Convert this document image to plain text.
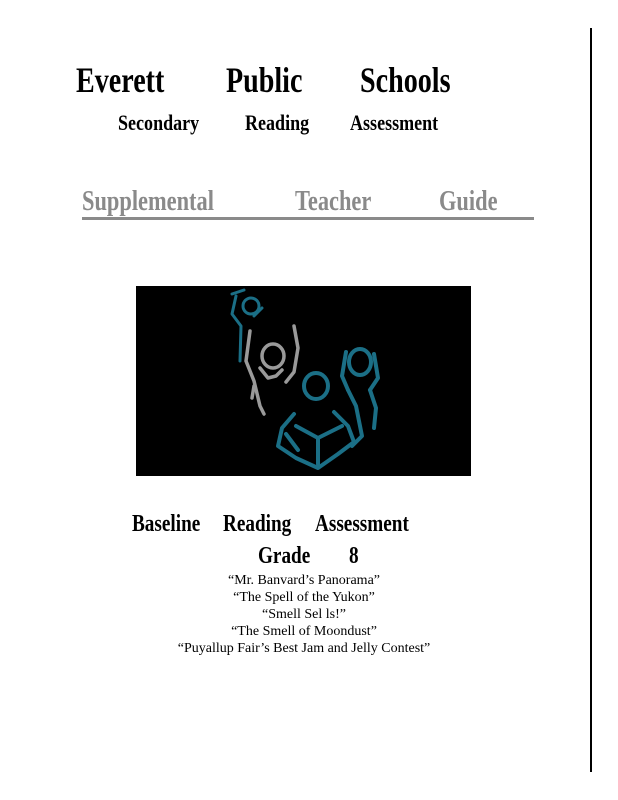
Everett Public Schools
Secondary Reading Assessment
Supplemental	Teacher Guide
Baseline Reading Assessment
Grade 8
“Mr. Banvard’s Panorama”
“The Spell of the Yukon”
“Smell Sel ls!”
“The Smell of Moondust”
“Puyallup Fair’s Best Jam and Jelly Contest”
